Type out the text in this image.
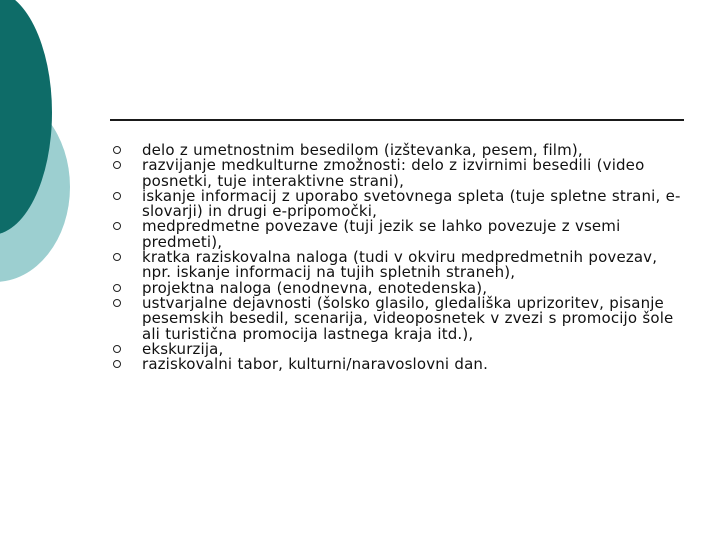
delo z umetnostnim besedilom (izštevanka, pesem, film),
razvijanje medkulturne zmožnosti: delo z izvirnimi besedili (video posnetki, tuje interaktivne strani),
iskanje informacij z uporabo svetovnega spleta (tuje spletne strani, e-slovarji) in drugi e-pripomočki,
medpredmetne povezave (tuji jezik se lahko povezuje z vsemi predmeti),
kratka raziskovalna naloga (tudi v okviru medpredmetnih povezav, npr. iskanje informacij na tujih spletnih straneh),
projektna naloga (enodnevna, enotedenska),
ustvarjalne dejavnosti (šolsko glasilo, gledališka uprizoritev, pisanje pesemskih besedil, scenarija, videoposnetek v zvezi s promocijo šole ali turistična promocija lastnega kraja itd.),
ekskurzija,
raziskovalni tabor, kulturni/naravoslovni dan.
